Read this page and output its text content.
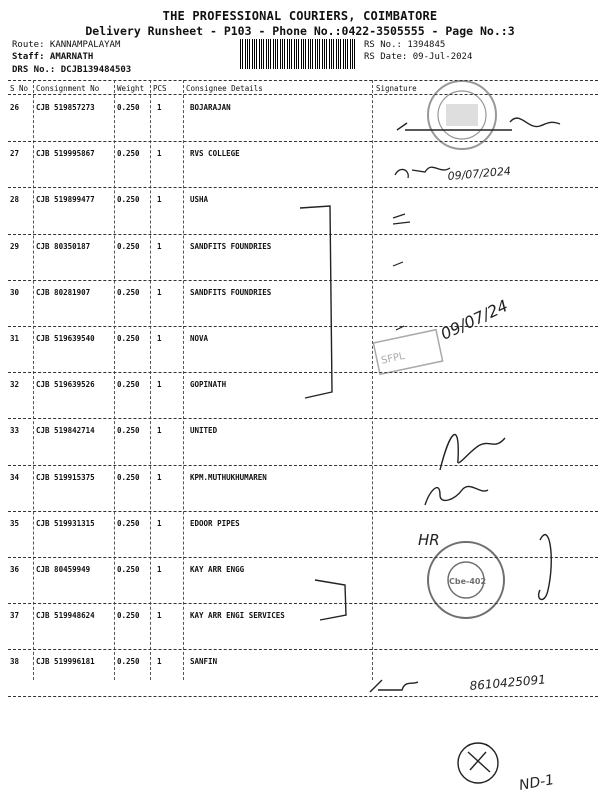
THE PROFESSIONAL COURIERS, COIMBATORE
Delivery Runsheet - P103 - Phone No.:0422-3505555 - Page No.:3
Route: KANNAMPALAYAM
Staff: AMARNATH
DRS No.: DCJB139484503
RS No.: 1394845
RS Date: 09-Jul-2024
S No Consignment No Weight PCS	Consignee Details	Signature
26 CJB 519857273	0.250 1	BOJARAJAN
27 CJB 519995867	0.250 1	RVS COLLEGE
28 CJB 519899477	0.250 1	USHA
29 CJB 80350187	0.250 1	SANDFITS FOUNDRIES
30 CJB 80281907	0.250 1	SANDFITS FOUNDRIES
31 CJB 519639540	0.250 1	NOVA
32 CJB 519639526	0.250 1	GOPINATH
33 CJB 519842714	0.250 1	UNITED
34 CJB 519915375	0.250 1	KPM.MUTHUKHUMAREN
35 CJB 519931315	0.250 1	EDOOR PIPES
36 CJB 80459949	0.250 1	KAY ARR ENGG
37 CJB 519948624	0.250 1	KAY ARR ENGI SERVICES
38 CJB 519996181	0.250 1	SANFIN
09/07/2024
09/07/24
SFPL
HR
Cbe-402
8610425091
ND-1
